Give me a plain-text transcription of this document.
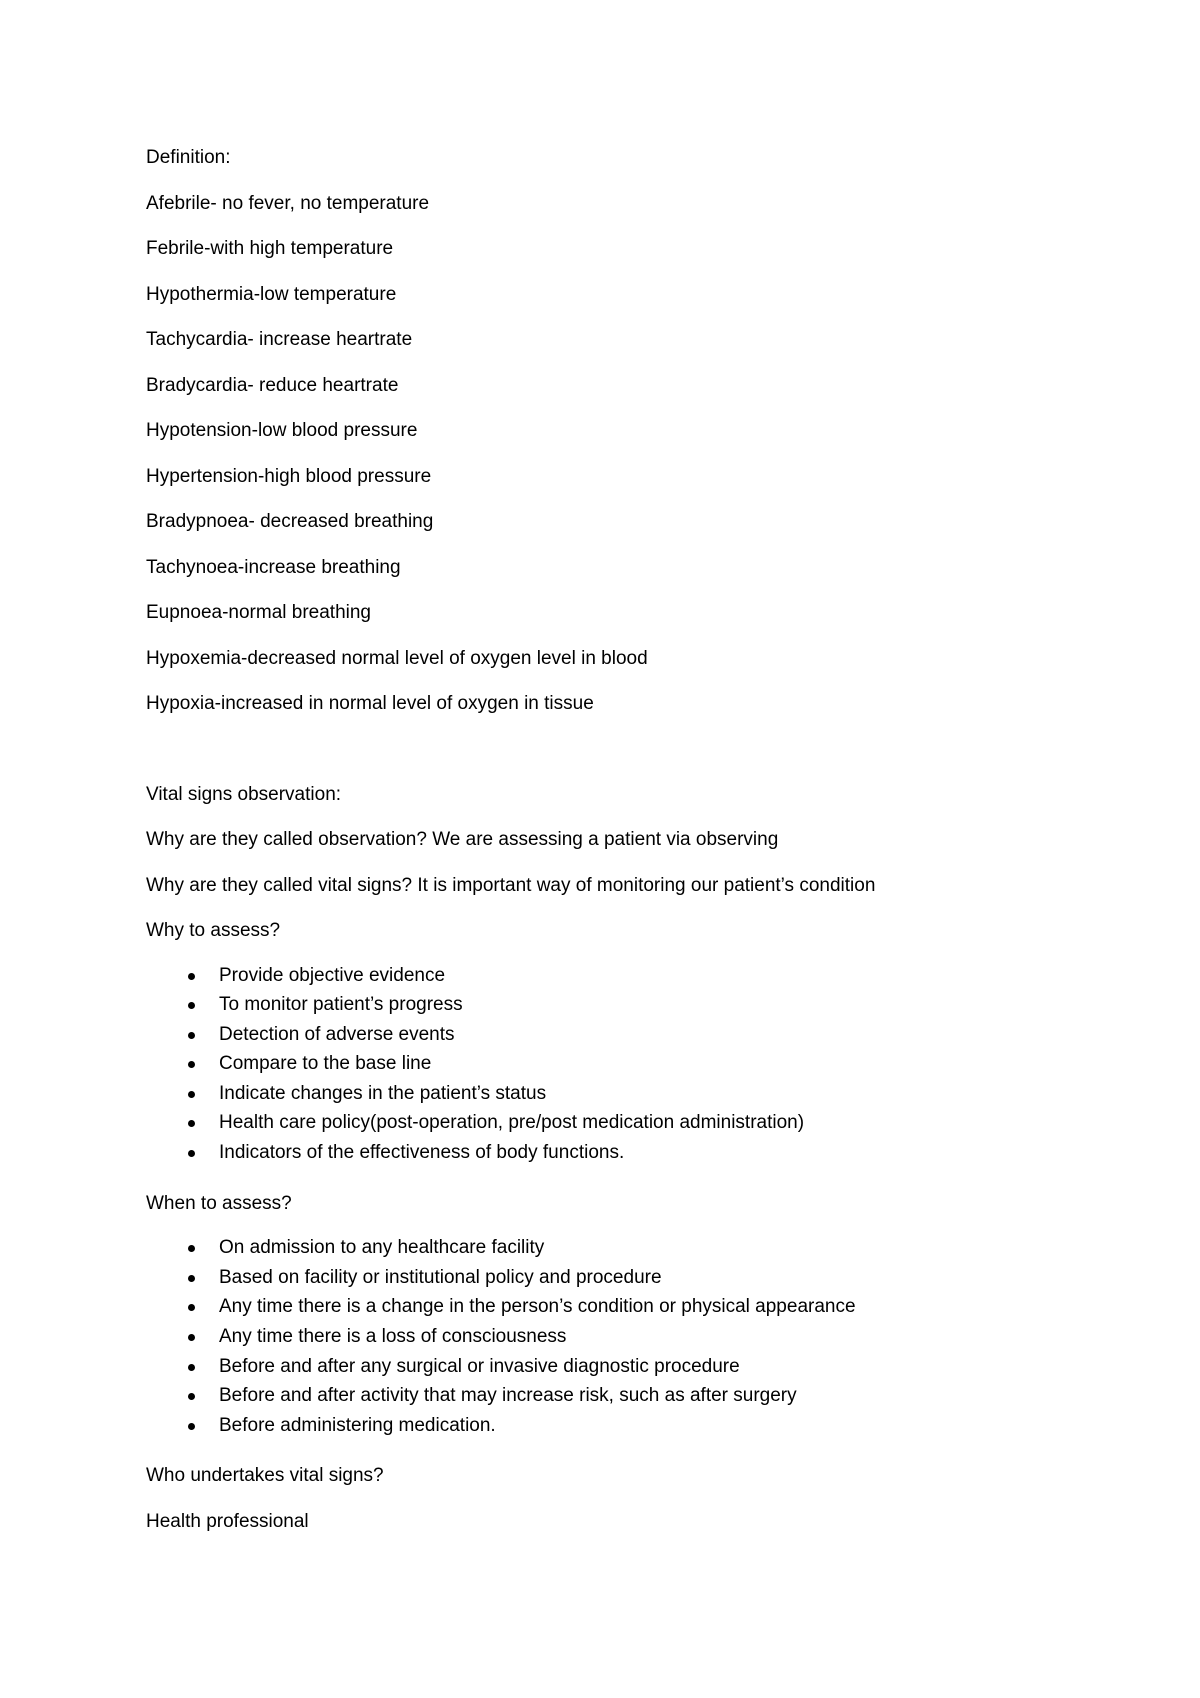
Definition:
Afebrile- no fever, no temperature
Febrile-with high temperature
Hypothermia-low temperature
Tachycardia- increase heartrate
Bradycardia- reduce heartrate
Hypotension-low blood pressure
Hypertension-high blood pressure
Bradypnoea- decreased breathing
Tachynoea-increase breathing
Eupnoea-normal breathing
Hypoxemia-decreased normal level of oxygen level in blood
Hypoxia-increased in normal level of oxygen in tissue
Vital signs observation:
Why are they called observation? We are assessing a patient via observing
Why are they called vital signs? It is important way of monitoring our patient’s condition
Why to assess?
Provide objective evidence
To monitor patient’s progress
Detection of adverse events
Compare to the base line
Indicate changes in the patient’s status
Health care policy(post-operation, pre/post medication administration)
Indicators of the effectiveness of body functions.
When to assess?
On admission to any healthcare facility
Based on facility or institutional policy and procedure
Any time there is a change in the person’s condition or physical appearance
Any time there is a loss of consciousness
Before and after any surgical or invasive diagnostic procedure
Before and after activity that may increase risk, such as after surgery
Before administering medication.
Who undertakes vital signs?
Health professional
